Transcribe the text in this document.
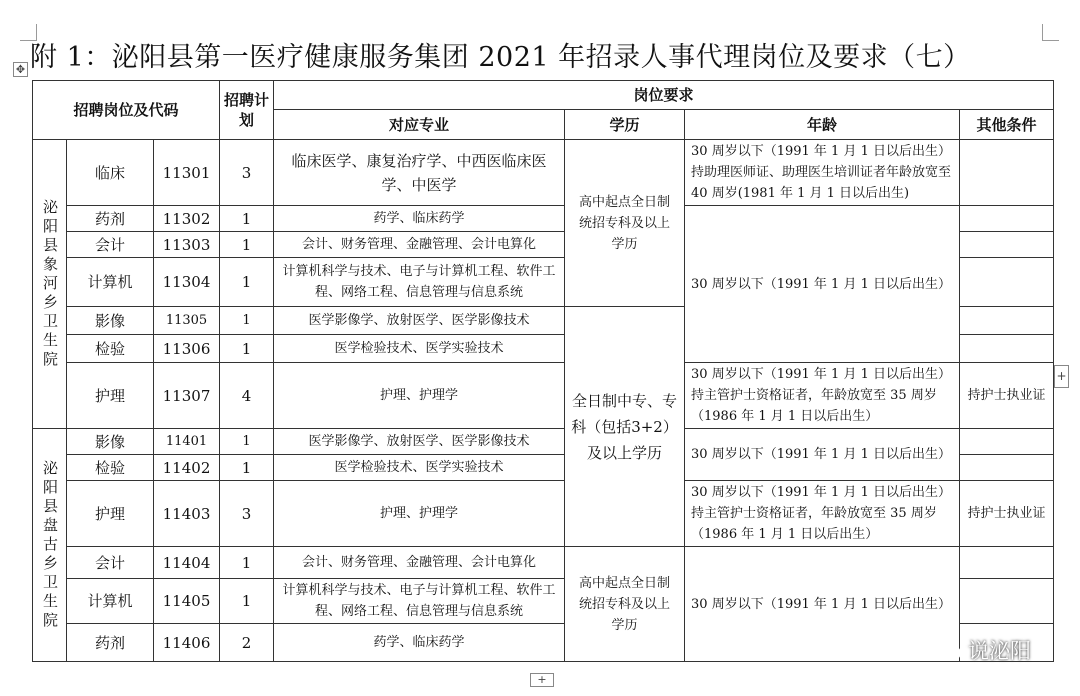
✥ 附 1：泌阳县第一医疗健康服务集团 2021 年招录人事代理岗位及要求（七）
招聘岗位及代码			招聘计划	岗位要求			
				对应专业	学历	年龄	其他条件

泌阳县象河乡卫生院	临床	11301	3	临床医学、康复治疗学、中西医临床医学、中医学	高中起点全日制统招专科及以上学历	30 周岁以下（1991 年 1 月 1 日以后出生）持助理医师证、助理医生培训证者年龄放宽至 40 周岁(1981 年 1 月 1 日以后出生)	
	药剂	11302	1	药学、临床药学		30 周岁以下（1991 年 1 月 1 日以后出生）	
	会计	11303	1	会计、财务管理、金融管理、会计电算化			
	计算机	11304	1	计算机科学与技术、电子与计算机工程、软件工程、网络工程、信息管理与信息系统			
	影像	11305	1	医学影像学、放射医学、医学影像技术	全日制中专、专科（包括3+2）及以上学历		
	检验	11306	1	医学检验技术、医学实验技术			
	护理	11307	4	护理、护理学		30 周岁以下（1991 年 1 月 1 日以后出生）持主管护士资格证者，年龄放宽至 35 周岁 （1986 年 1 月 1 日以后出生）	持护士执业证

泌阳县盘古乡卫生院	影像	11401	1	医学影像学、放射医学、医学影像技术		30 周岁以下（1991 年 1 月 1 日以后出生）	
	检验	11402	1	医学检验技术、医学实验技术			
	护理	11403	3	护理、护理学		30 周岁以下（1991 年 1 月 1 日以后出生）持主管护士资格证者，年龄放宽至 35 周岁 （1986 年 1 月 1 日以后出生）	持护士执业证
	会计	11404	1	会计、财务管理、金融管理、会计电算化	高中起点全日制统招专科及以上学历	30 周岁以下（1991 年 1 月 1 日以后出生）	
	计算机	11405	1	计算机科学与技术、电子与计算机工程、软件工程、网络工程、信息管理与信息系统			
	药剂	11406	2	药学、临床药学			
+
+
说泌阳
